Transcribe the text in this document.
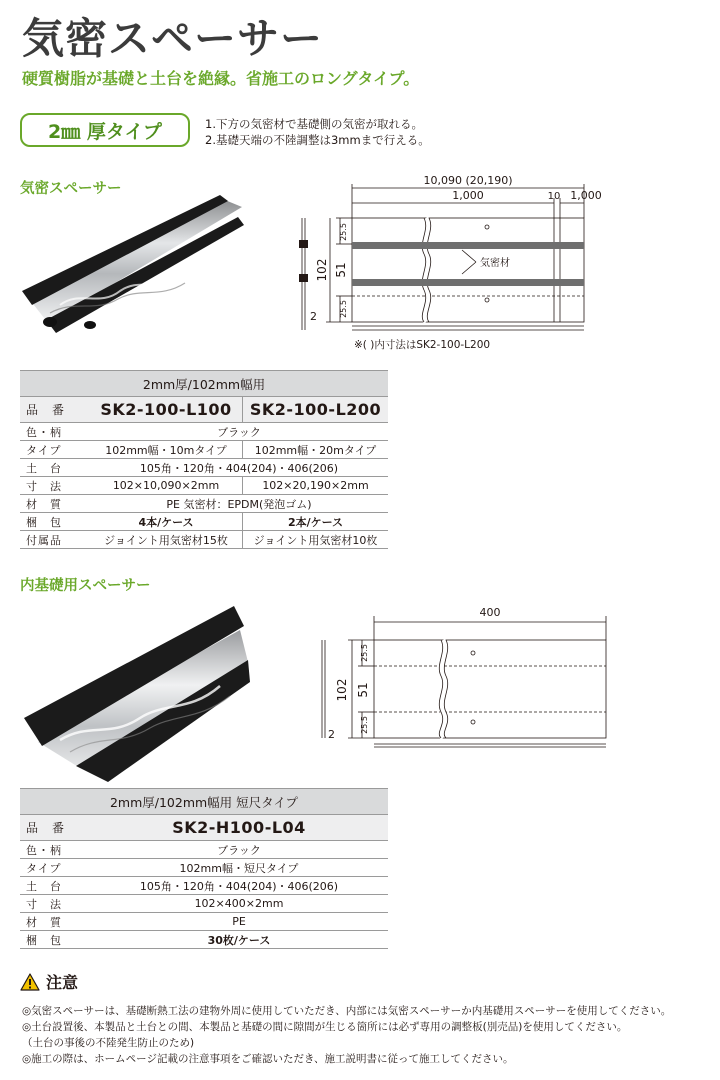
気密スペーサー
硬質樹脂が基礎と土台を絶縁。省施工のロングタイプ。
2㎜ 厚タイプ	1.下方の気密材で基礎側の気密が取れる。
2.基礎天端の不陸調整は3mmまで行える。
気密スペーサー
10,090 (20,190)
1,000	10 1,000
102 51
25.5
25.5
2
気密材
※( )内寸法はSK2-100-L200
2mm厚/102mm幅用		
品　番	SK2-100-L100	SK2-100-L200
色・柄	ブラック	
タイプ	102mm幅・10mタイプ	102mm幅・20mタイプ
土　台	105角・120角・404(204)・406(206)	
寸　法	102×10,090×2mm	102×20,190×2mm
材　質	PE 気密材：EPDM(発泡ゴム)	
梱　包	4本/ケース	2本/ケース
付属品	ジョイント用気密材15枚	ジョイント用気密材10枚
内基礎用スペーサー
400
102 51
25.5
25.5
2
2mm厚/102mm幅用 短尺タイプ	
品　番	SK2-H100-L04
色・柄	ブラック
タイプ	102mm幅・短尺タイプ
土　台	105角・120角・404(204)・406(206)
寸　法	102×400×2mm
材　質	PE
梱　包	30枚/ケース
注意
◎気密スペーサーは、基礎断熱工法の建物外周に使用していただき、内部には気密スペーサーか内基礎用スペーサーを使用してください。
◎土台設置後、本製品と土台との間、本製品と基礎の間に隙間が生じる箇所には必ず専用の調整板(別売品)を使用してください。
（土台の事後の不陸発生防止のため)
◎施工の際は、ホームページ記載の注意事項をご確認いただき、施工説明書に従って施工してください。
